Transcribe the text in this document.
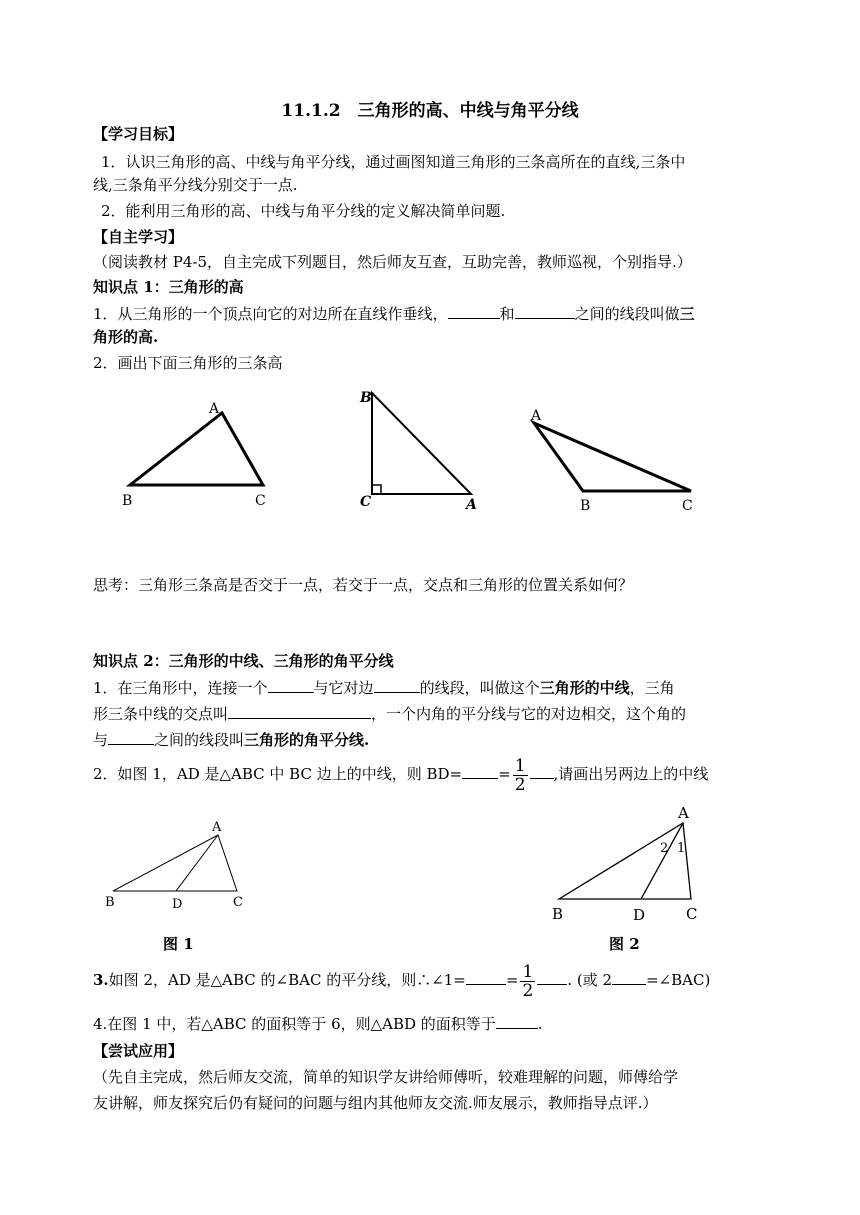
11.1.2　三角形的高、中线与角平分线
【学习目标】
1．认识三角形的高、中线与角平分线，通过画图知道三角形的三条高所在的直线,三条中
线,三条角平分线分别交于一点.
2．能利用三角形的高、中线与角平分线的定义解决简单问题.
【自主学习】
（阅读教材 P4-5，自主完成下列题目，然后师友互查，互助完善，教师巡视，个别指导.）
知识点 1：三角形的高
1．从三角形的一个顶点向它的对边所在直线作垂线，	和	之间的线段叫做三
角形的高.
2．画出下面三角形的三条高
A
B	C
B
C	A
A
B	C
A
B	D	C
A
B	D	C
2 1
思考：三角形三条高是否交于一点，若交于一点，交点和三角形的位置关系如何？
知识点 2：三角形的中线、三角形的角平分线
1．在三角形中，连接一个	与它对边	的线段，叫做这个三角形的中线，三角
形三条中线的交点叫	，一个内角的平分线与它的对边相交，这个角的
与	之间的线段叫三角形的角平分线.
2．如图 1，AD 是△ABC 中 BC 边上的中线，则 $BD= = \frac{1}{2}$ ,请画出另两边上的中线
图 1	图 2
3.如图 2，AD 是△ABC 的∠BAC 的平分线，则∴∠1=	= $\frac{1}{2}$ . (或 2 =∠BAC)
4.在图 1 中，若△ABC 的面积等于 6，则△ABD 的面积等于	.
【尝试应用】
（先自主完成，然后师友交流，简单的知识学友讲给师傅听，较难理解的问题，师傅给学
友讲解，师友探究后仍有疑问的问题与组内其他师友交流.师友展示，教师指导点评.）
